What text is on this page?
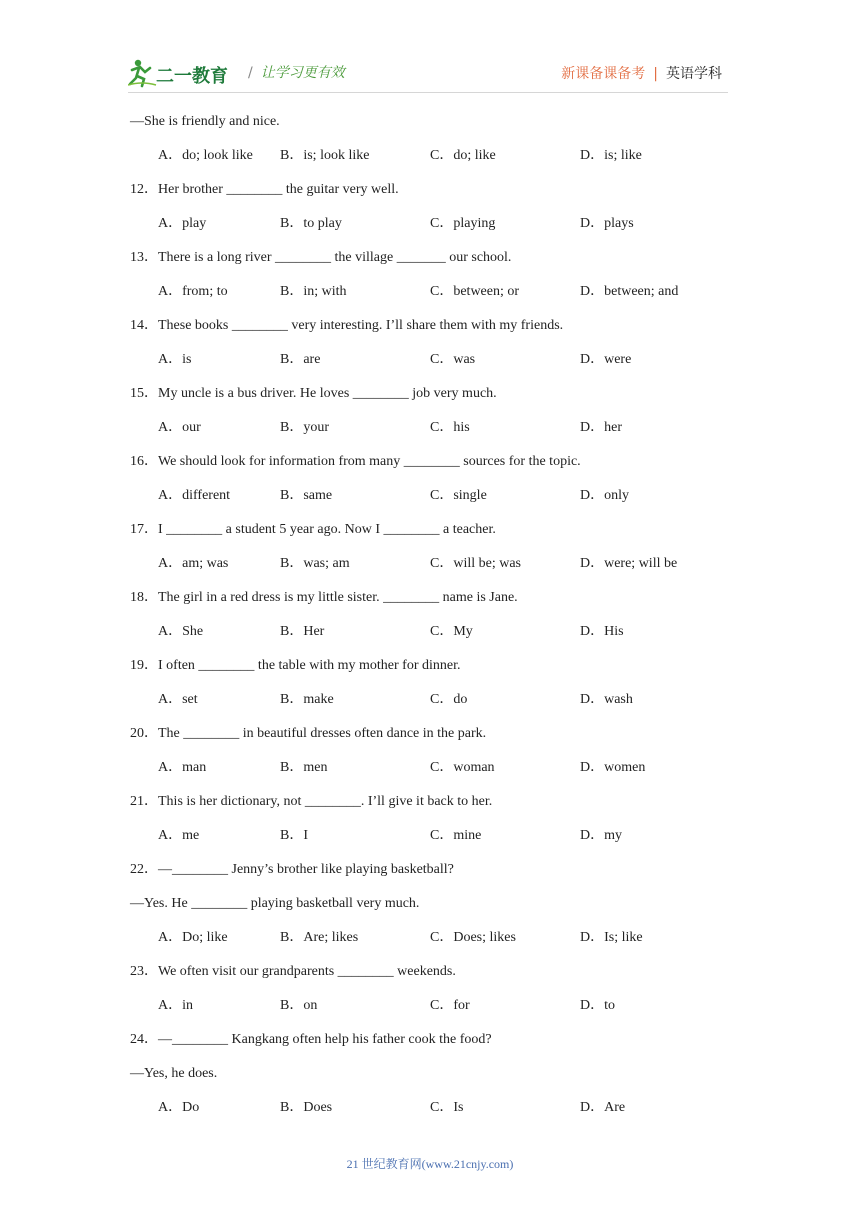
二一教育 / 让学习更有效	新课备课备考 | 英语学科
—She is friendly and nice.
A．do; look like B．is; look like	C．do; like	D．is; like
12．Her brother ________ the guitar very well.
A．play	B．to play	C．playing	D．plays
13．There is a long river ________ the village _______ our school.
A．from; to	B．in; with	C．between; or	D．between; and
14．These books ________ very interesting. I’ll share them with my friends.
A．is	B．are	C．was	D．were
15．My uncle is a bus driver. He loves ________ job very much.
A．our	B．your	C．his	D．her
16．We should look for information from many ________ sources for the topic.
A．different	B．same	C．single	D．only
17．I ________ a student 5 year ago. Now I ________ a teacher.
A．am; was	B．was; am	C．will be; was	D．were; will be
18．The girl in a red dress is my little sister. ________ name is Jane.
A．She	B．Her	C．My	D．His
19．I often ________ the table with my mother for dinner.
A．set	B．make	C．do	D．wash
20．The ________ in beautiful dresses often dance in the park.
A．man	B．men	C．woman	D．women
21．This is her dictionary, not ________. I’ll give it back to her.
A．me	B．I	C．mine	D．my
22．—________ Jenny’s brother like playing basketball?
—Yes. He ________ playing basketball very much.
A．Do; like	B．Are; likes	C．Does; likes	D．Is; like
23．We often visit our grandparents ________ weekends.
A．in	B．on	C．for	D．to
24．—________ Kangkang often help his father cook the food?
—Yes, he does.
A．Do	B．Does	C．Is	D．Are
21 世纪教育网(www.21cnjy.com)
